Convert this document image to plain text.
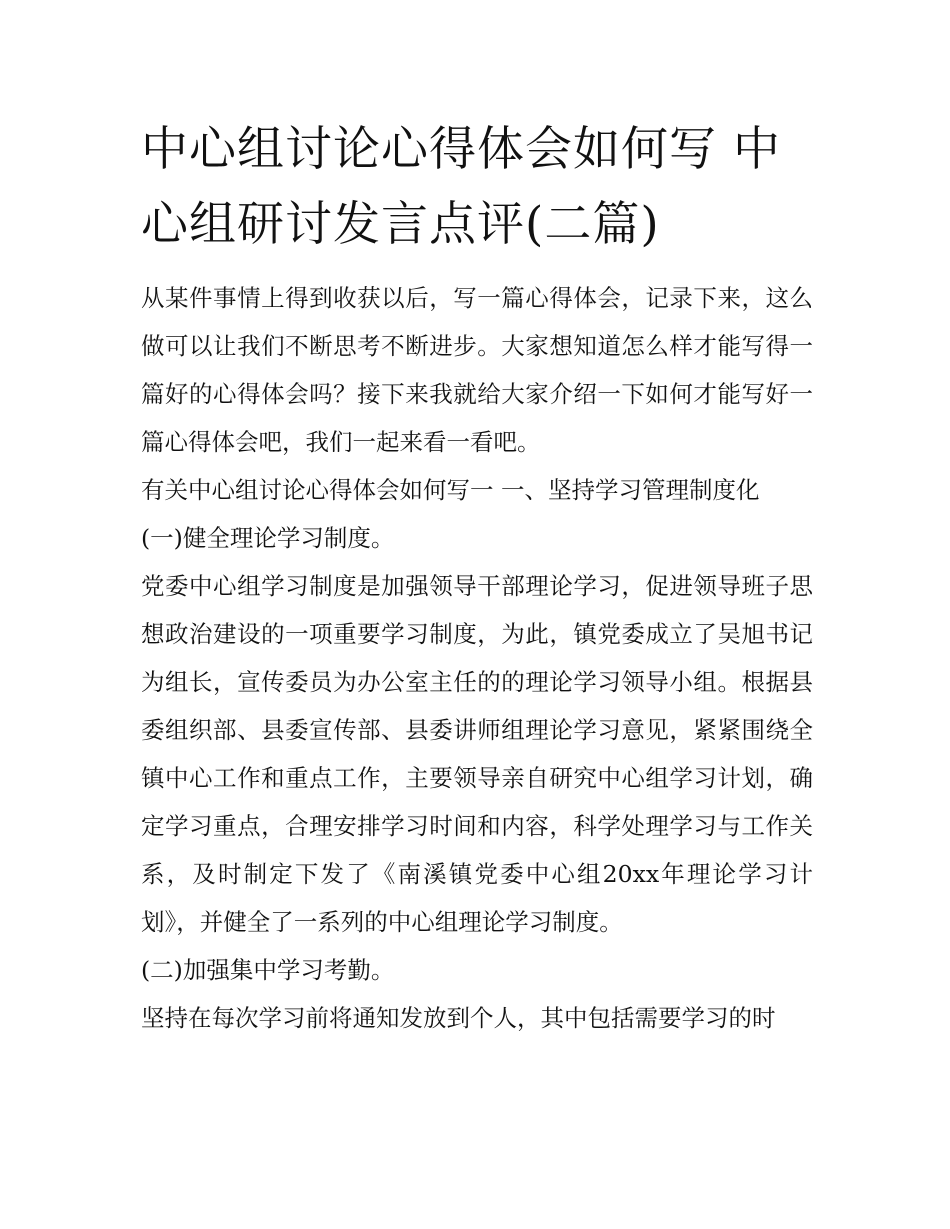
中心组讨论心得体会如何写 中心组研讨发言点评(二篇)

从某件事情上得到收获以后，写一篇心得体会，记录下来，这么做可以让我们不断思考不断进步。大家想知道怎么样才能写得一篇好的心得体会吗？接下来我就给大家介绍一下如何才能写好一篇心得体会吧，我们一起来看一看吧。

有关中心组讨论心得体会如何写一 一、坚持学习管理制度化

(一)健全理论学习制度。

党委中心组学习制度是加强领导干部理论学习，促进领导班子思想政治建设的一项重要学习制度，为此，镇党委成立了吴旭书记为组长，宣传委员为办公室主任的的理论学习领导小组。根据县委组织部、县委宣传部、县委讲师组理论学习意见，紧紧围绕全镇中心工作和重点工作，主要领导亲自研究中心组学习计划，确定学习重点，合理安排学习时间和内容，科学处理学习与工作关系，及时制定下发了《南溪镇党委中心组20xx年理论学习计划》，并健全了一系列的中心组理论学习制度。

(二)加强集中学习考勤。

坚持在每次学习前将通知发放到个人，其中包括需要学习的时
